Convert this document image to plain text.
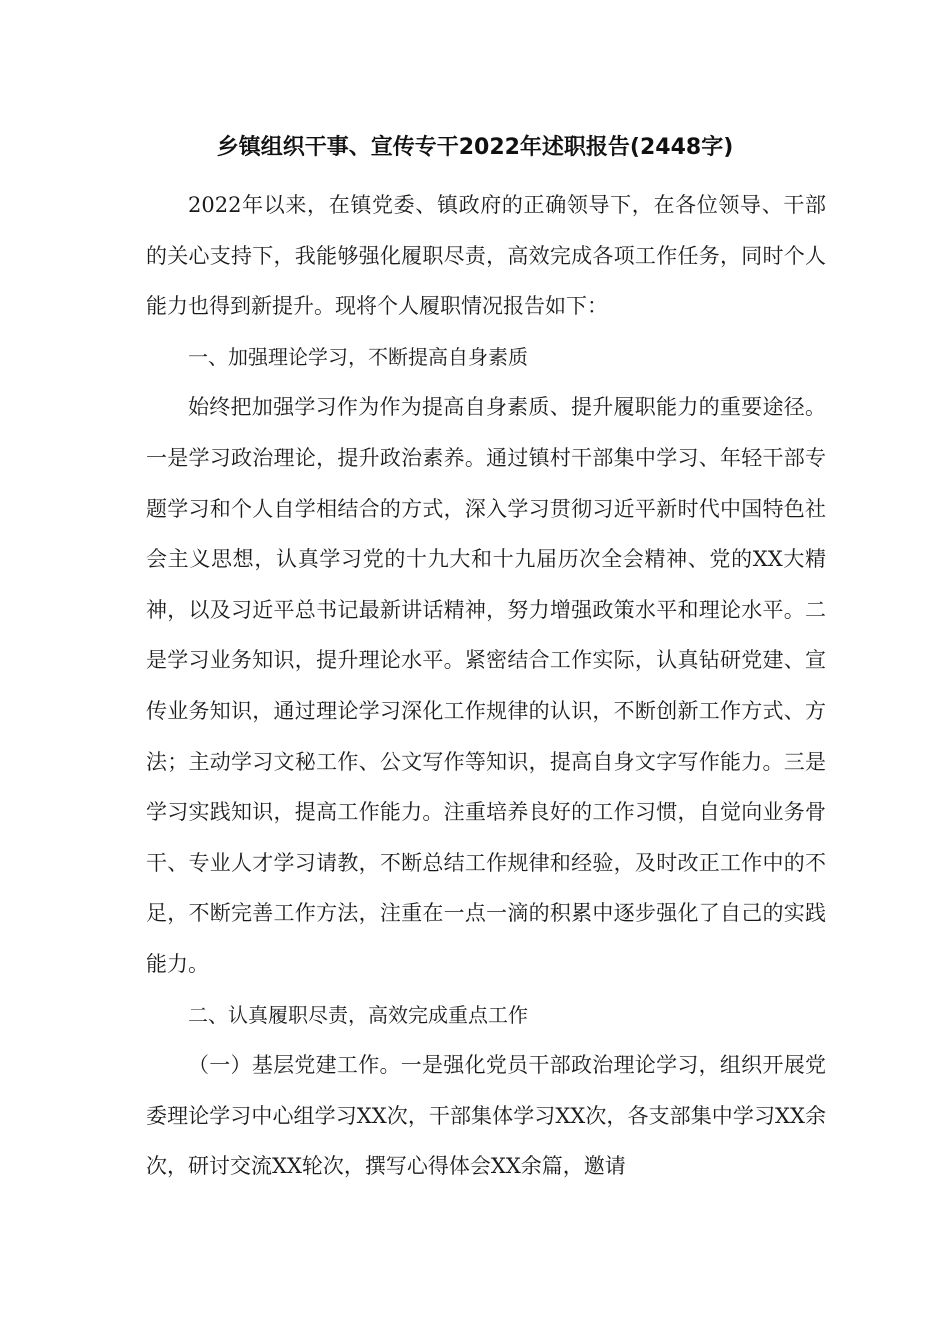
乡镇组织干事、宣传专干2022年述职报告(2448字)

2022年以来，在镇党委、镇政府的正确领导下，在各位领导、干部的关心支持下，我能够强化履职尽责，高效完成各项工作任务，同时个人能力也得到新提升。现将个人履职情况报告如下：

一、加强理论学习，不断提高自身素质

始终把加强学习作为作为提高自身素质、提升履职能力的重要途径。一是学习政治理论，提升政治素养。通过镇村干部集中学习、年轻干部专题学习和个人自学相结合的方式，深入学习贯彻习近平新时代中国特色社会主义思想，认真学习党的十九大和十九届历次全会精神、党的XX大精神，以及习近平总书记最新讲话精神，努力增强政策水平和理论水平。二是学习业务知识，提升理论水平。紧密结合工作实际，认真钻研党建、宣传业务知识，通过理论学习深化工作规律的认识，不断创新工作方式、方法；主动学习文秘工作、公文写作等知识，提高自身文字写作能力。三是学习实践知识，提高工作能力。注重培养良好的工作习惯，自觉向业务骨干、专业人才学习请教，不断总结工作规律和经验，及时改正工作中的不足，不断完善工作方法，注重在一点一滴的积累中逐步强化了自己的实践能力。

二、认真履职尽责，高效完成重点工作

（一）基层党建工作。一是强化党员干部政治理论学习，组织开展党委理论学习中心组学习XX次，干部集体学习XX次，各支部集中学习XX余次，研讨交流XX轮次，撰写心得体会XX余篇，邀请
